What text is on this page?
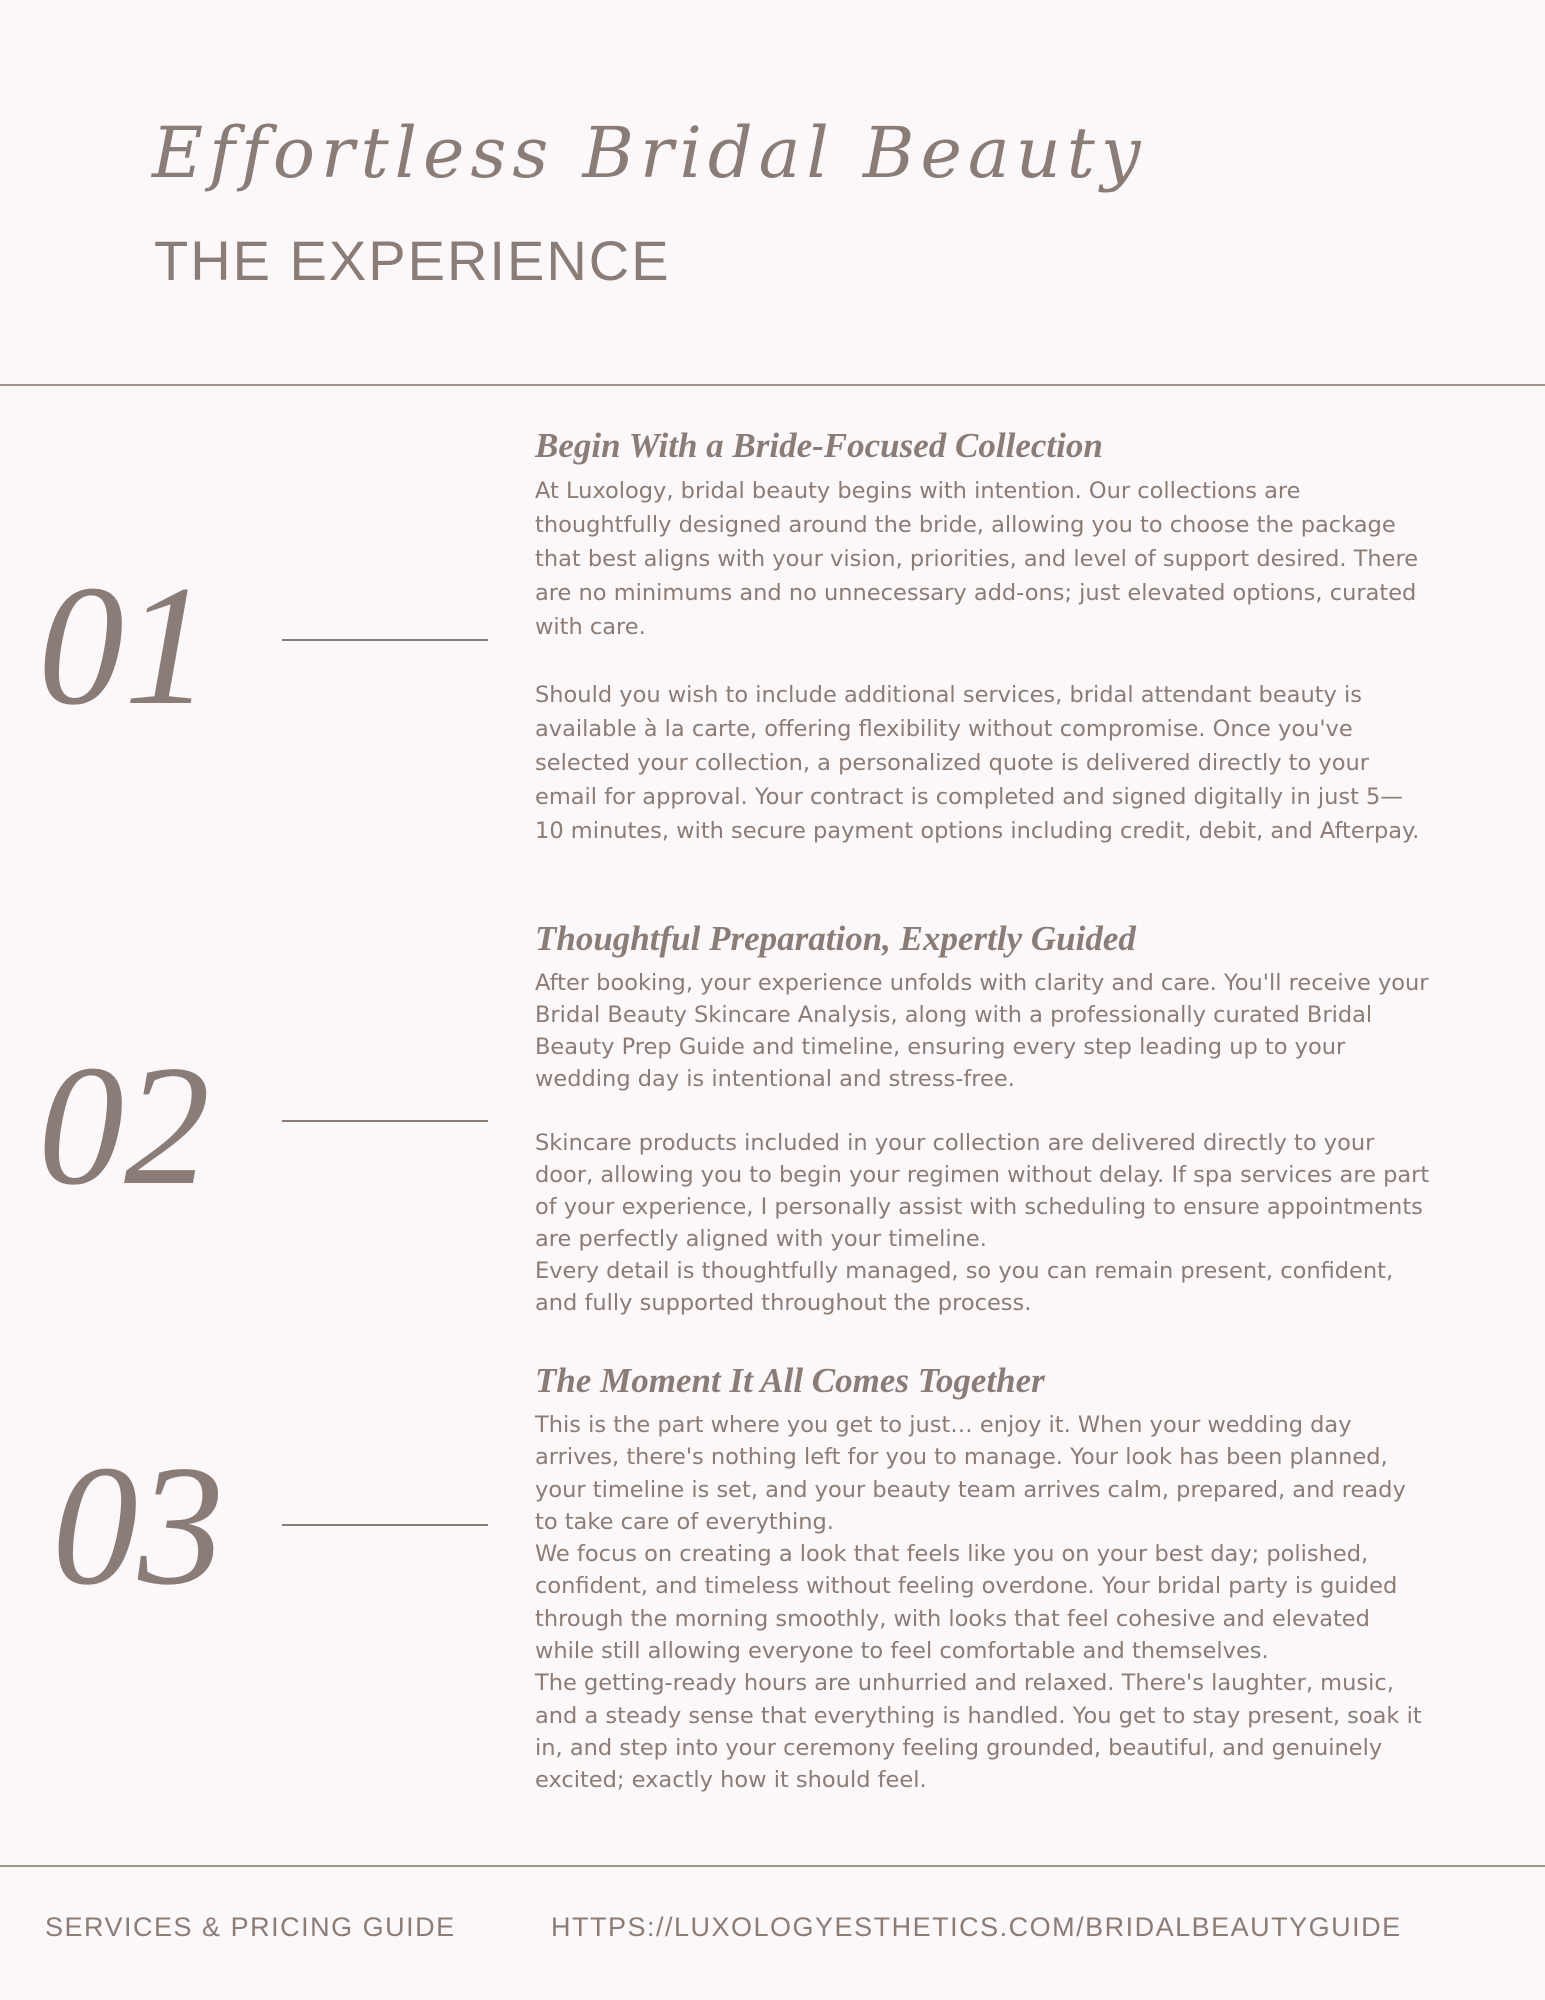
Effortless Bridal Beauty
THE EXPERIENCE
01
Begin With a Bride-Focused Collection

At Luxology, bridal beauty begins with intention. Our collections are thoughtfully designed around the bride, allowing you to choose the package that best aligns with your vision, priorities, and level of support desired. There are no minimums and no unnecessary add-ons; just elevated options, curated with care.

Should you wish to include additional services, bridal attendant beauty is available à la carte, offering flexibility without compromise. Once you've selected your collection, a personalized quote is delivered directly to your email for approval. Your contract is completed and signed digitally in just 5—10 minutes, with secure payment options including credit, debit, and Afterpay.

02
Thoughtful Preparation, Expertly Guided

After booking, your experience unfolds with clarity and care. You'll receive your Bridal Beauty Skincare Analysis, along with a professionally curated Bridal Beauty Prep Guide and timeline, ensuring every step leading up to your wedding day is intentional and stress-free.

Skincare products included in your collection are delivered directly to your door, allowing you to begin your regimen without delay. If spa services are part of your experience, I personally assist with scheduling to ensure appointments are perfectly aligned with your timeline.

Every detail is thoughtfully managed, so you can remain present, confident, and fully supported throughout the process.

03
The Moment It All Comes Together

This is the part where you get to just… enjoy it. When your wedding day arrives, there's nothing left for you to manage. Your look has been planned, your timeline is set, and your beauty team arrives calm, prepared, and ready to take care of everything.

We focus on creating a look that feels like you on your best day; polished, confident, and timeless without feeling overdone. Your bridal party is guided through the morning smoothly, with looks that feel cohesive and elevated while still allowing everyone to feel comfortable and themselves.

The getting-ready hours are unhurried and relaxed. There's laughter, music, and a steady sense that everything is handled. You get to stay present, soak it in, and step into your ceremony feeling grounded, beautiful, and genuinely excited; exactly how it should feel.

SERVICES & PRICING GUIDE	HTTPS://LUXOLOGYESTHETICS.COM/BRIDALBEAUTYGUIDE
